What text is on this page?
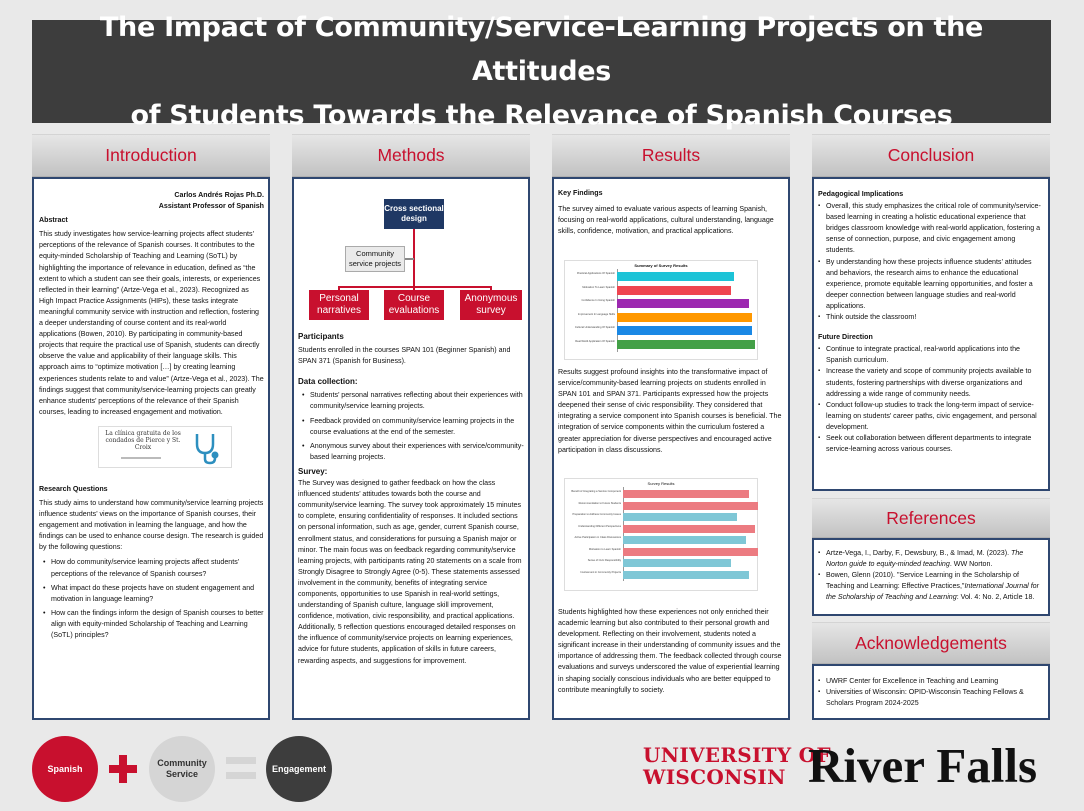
The Impact of Community/Service-Learning Projects on the Attitudes
of Students Towards the Relevance of Spanish Courses
Introduction

Carlos Andrés Rojas Ph.D.

Assistant Professor of Spanish

Abstract

This study investigates how service-learning projects affect students’ perceptions of the relevance of Spanish courses. It contributes to the equity-minded Scholarship of Teaching and Learning (SoTL) by highlighting the importance of relevance in education, defined as “the extent to which a student can see their goals, interests, or experiences reflected in their learning” (Artze-Vega et al., 2023). Recognized as High Impact Practice Assignments (HIPs), these tasks integrate meaningful community service with instruction and reflection, fostering a deeper understanding of course content and its real-world applications (Bowen, 2010). By participating in community-based projects that require the practical use of Spanish, students can directly observe the value and applicability of their language skills. This approach aims to “optimize motivation […] by creating learning experiences students relate to and value” (Artze-Vega et al., 2023). The findings suggest that community/service-learning projects can greatly enhance students’ perceptions of the relevance of their Spanish courses, leading to increased engagement and motivation.

La clínica gratuita de los condados de Pierce y St. Croix

Research Questions

This study aims to understand how community/service learning projects influence students’ views on the importance of Spanish courses, their engagement and motivation in learning the language, and how the findings can be used to enhance course design. The research is guided by the following questions:

• How do community/service learning projects affect students’ perceptions of the relevance of Spanish courses?
• What impact do these projects have on student engagement and motivation in language learning?
• How can the findings inform the design of Spanish courses to better align with equity-minded Scholarship of Teaching and Learning (SoTL) principles?
Methods
Cross sectional design
Community service projects
Personal narratives
Course evaluations
Anonymous survey

Participants

Students enrolled in the courses SPAN 101 (Beginner Spanish) and SPAN 371 (Spanish for Business).

Data collection:

• Students’ personal narratives reflecting about their experiences with community/service learning projects.
• Feedback provided on community/service learning projects in the course evaluations at the end of the semester.
• Anonymous survey about their experiences with service/community-based learning projects.

Survey:

The Survey was designed to gather feedback on how the class influenced students’ attitudes towards both the course and community/service learning. The survey took approximately 15 minutes to complete, ensuring confidentiality of responses. It included sections on personal information, such as age, gender, current Spanish course, enrollment status, and considerations for pursuing a Spanish major or minor. The main focus was on feedback regarding community/service learning projects, with participants rating 20 statements on a scale from Strongly Disagree to Strongly Agree (0-5). These statements assessed involvement in the community, benefits of integrating service components, opportunities to use Spanish in real-world settings, understanding of Spanish culture, language skill improvement, confidence, motivation, civic responsibility, and practical applications. Additionally, 5 reflection questions encouraged detailed responses on the influence of community/service projects on learning experiences, advice for future students, application of skills in future careers, rewarding aspects, and suggestions for improvement.

Results

Key Findings

The survey aimed to evaluate various aspects of learning Spanish, focusing on real-world applications, cultural understanding, language skills, confidence, motivation, and practical applications.

Summary of Survey Results

Practical Applications Of Spanish
Motivation To Learn Spanish
Confidence In Using Spanish
Improvement In Language Skills
Cultural Understanding Of Spanish
Real-World Application Of Spanish

Results suggest profound insights into the transformative impact of service/community-based learning projects on students enrolled in SPAN 101 and SPAN 371. Participants expressed how the projects deepened their sense of civic responsibility. They considered that integrating a service component into Spanish courses is beneficial. The integration of service components within the curriculum fostered a greater appreciation for diverse perspectives and encouraged active participation in class discussions.

Survey Results

Benefit of Integrating a Service Component
Recommendation to Future Students
Preparation to Address Community Issues
Understanding Different Perspectives
Active Participation in Class Discussions
Motivation to Learn Spanish
Sense of Civic Responsibility
Involvement in Community Projects

Students highlighted how these experiences not only enriched their academic learning but also contributed to their personal growth and development. Reflecting on their involvement, students noted a significant increase in their understanding of community issues and the importance of addressing them. The feedback collected through course evaluations and surveys underscored the value of experiential learning in shaping socially conscious individuals who are better equipped to contribute meaningfully to society.

Conclusion

Pedagogical Implications

▪ Overall, this study emphasizes the critical role of community/service-based learning in creating a holistic educational experience that bridges classroom knowledge with real-world application, fostering a sense of connection, purpose, and civic engagement among students.
▪ By understanding how these projects influence students’ attitudes and behaviors, the research aims to enhance the educational experience, promote equitable learning opportunities, and foster a deeper connection between language studies and real-world applications.
▪ Think outside the classroom!

Future Direction

▪ Continue to integrate practical, real-world applications into the Spanish curriculum.
▪ Increase the variety and scope of community projects available to students, fostering partnerships with diverse organizations and addressing a wide range of community needs.
▪ Conduct follow-up studies to track the long-term impact of service-learning on students’ career paths, civic engagement, and personal development.
▪ Seek out collaboration between different departments to integrate service-learning across various courses.
References
▪ Artze-Vega, I., Darby, F., Dewsbury, B., & Imad, M. (2023). The Norton guide to equity-minded teaching. WW Norton.
▪ Bowen, Glenn (2010). "Service Learning in the Scholarship of Teaching and Learning: Effective Practices,"International Journal for the Scholarship of Teaching and Learning: Vol. 4: No. 2, Article 18.
Acknowledgements
▪ UWRF Center for Excellence in Teaching and Learning
▪ Universities of Wisconsin: OPID-Wisconsin Teaching Fellows & Scholars Program 2024-2025
Spanish
Community Service
Engagement
UNIVERSITY OF
WISCONSIN River Falls
